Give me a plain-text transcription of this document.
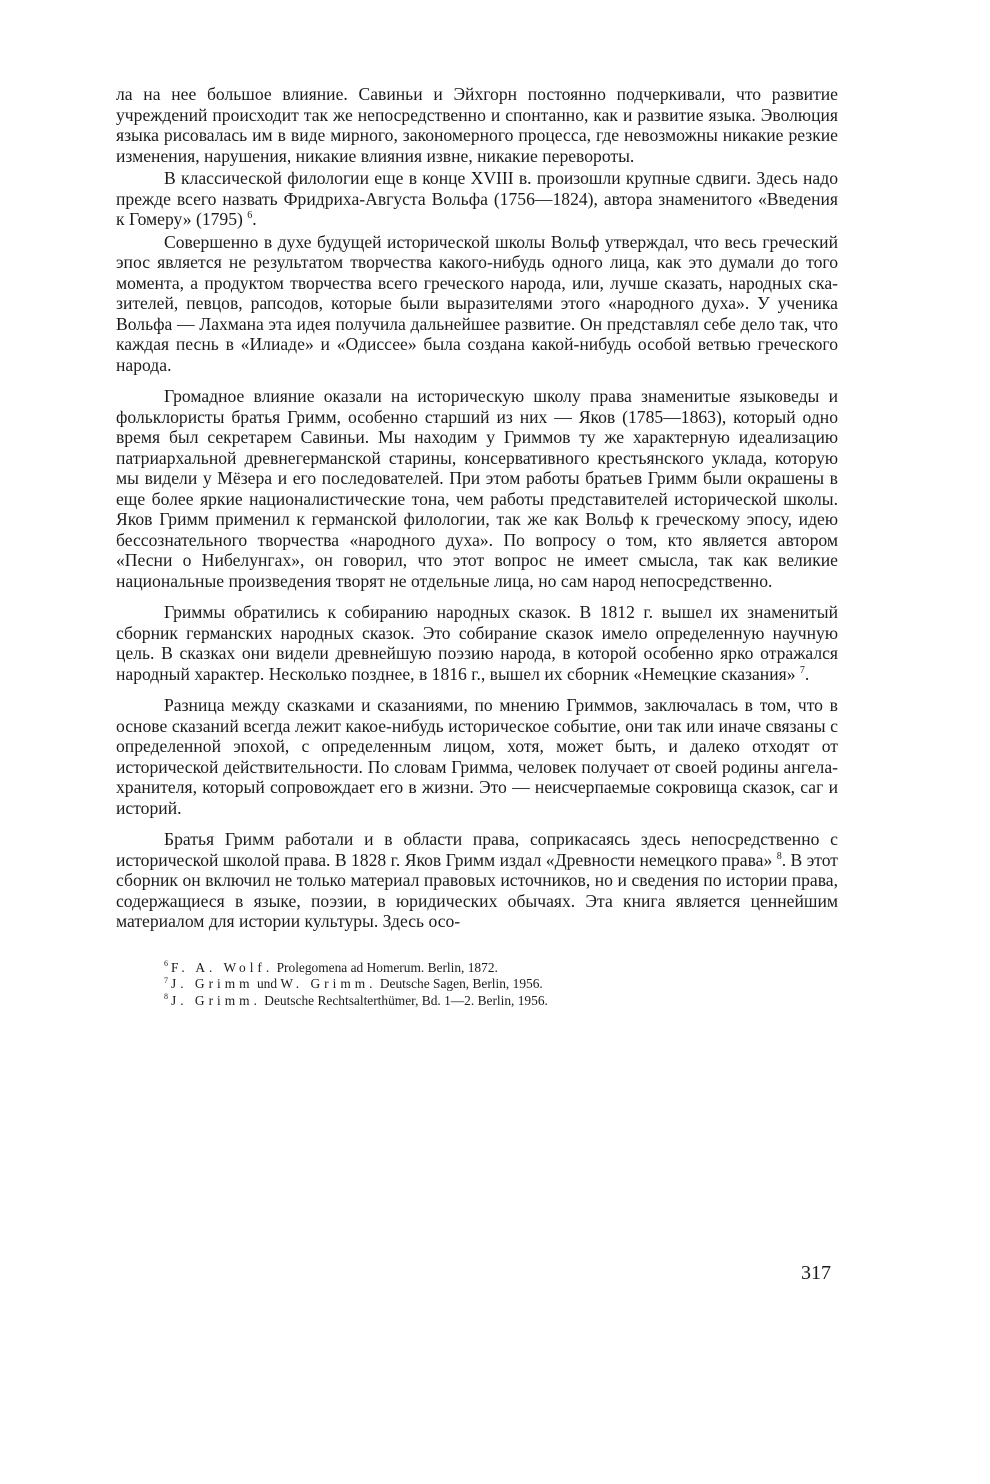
ла на нее большое влияние. Савиньи и Эйхгорн постоянно подчеркивали, что развитие учреждений происходит так же непосредственно и спонтанно, как и развитие языка. Эволюция языка рисовалась им в виде мирного, закономерного процесса, где невозможны никакие резкие изменения, нарушения, никакие влияния извне, никакие перевороты.

В классической филологии еще в конце XVIII в. произошли крупные сдвиги. Здесь надо прежде всего назвать Фридриха-Августа Вольфа (1756—1824), автора знаменитого «Введения к Гомеру» (1795) $^6$.

Совершенно в духе будущей исторической школы Вольф утверждал, что весь греческий эпос является не результатом творчества какого-нибудь одного лица, как это думали до того момента, а продуктом творчества всего греческого народа, или, лучше сказать, народных сказителей, певцов, рапсодов, которые были выразителями этого «народного духа». У ученика Вольфа — Лахмана эта идея получила дальнейшее развитие. Он представлял себе дело так, что каждая песнь в «Илиаде» и «Одиссее» была создана какой-нибудь особой ветвью греческого народа.

Громадное влияние оказали на историческую школу права знаменитые языковеды и фольклористы братья Гримм, особенно старший из них — Яков (1785—1863), который одно время был секретарем Савиньи. Мы находим у Гриммов ту же характерную идеализацию патриархальной древнегерманской старины, консервативного крестьянского уклада, которую мы видели у Мёзера и его последователей. При этом работы братьев Гримм были окрашены в еще более яркие националистические тона, чем работы представителей исторической школы. Яков Гримм применил к германской филологии, так же как Вольф к греческому эпосу, идею бессознательного творчества «народного духа». По вопросу о том, кто является автором «Песни о Нибелунгах», он говорил, что этот вопрос не имеет смысла, так как великие национальные произведения творят не отдельные лица, но сам народ непосредственно.

Гриммы обратились к собиранию народных сказок. В 1812 г. вышел их знаменитый сборник германских народных сказок. Это собирание сказок имело определенную научную цель. В сказках они видели древнейшую поэзию народа, в которой особенно ярко отражался народный характер. Несколько позднее, в 1816 г., вышел их сборник «Немецкие сказания» $^7$.

Разница между сказками и сказаниями, по мнению Гриммов, заключалась в том, что в основе сказаний всегда лежит какое-нибудь историческое событие, они так или иначе связаны с определенной эпохой, с определенным лицом, хотя, может быть, и далеко отходят от исторической действительности. По словам Гримма, человек получает от своей родины ангела-хранителя, который сопровождает его в жизни. Это — неисчерпаемые сокровища сказок, саг и историй.

Братья Гримм работали и в области права, соприкасаясь здесь непосредственно с исторической школой права. В 1828 г. Яков Гримм издал «Древности немецкого права» $^8$. В этот сборник он включил не только материал правовых источников, но и сведения по истории права, содержащиеся в языке, поэзии, в юридических обычаях. Эта книга является ценнейшим материалом для истории культуры. Здесь осо-

$^6$ F. A. Wolf. Prolegomena ad Homerum. Berlin, 1872.

$^7$ J. Grimm und W. Grimm. Deutsche Sagen, Berlin, 1956.

$^8$ J. Grimm. Deutsche Rechtsalterthümer, Bd. 1—2. Berlin, 1956.

317
